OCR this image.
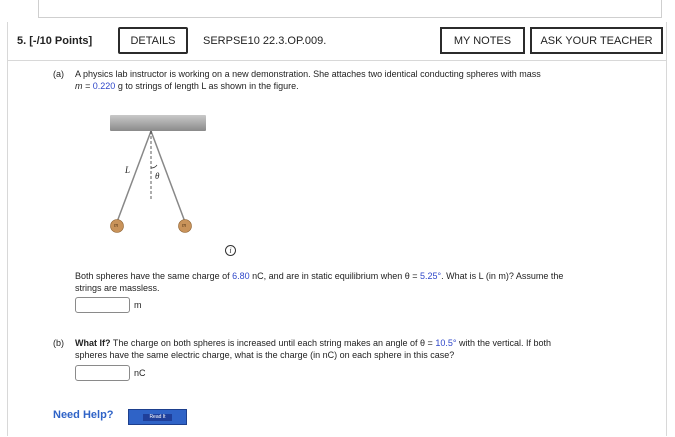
5. [-/10 Points]	DETAILS	SERPSE10 22.3.OP.009.	MY NOTES	ASK YOUR TEACHER
(a) A physics lab instructor is working on a new demonstration. She attaches two identical conducting spheres with mass
m = 0.220 g to strings of length L as shown in the figure.
L
θ
m	m
i
Both spheres have the same charge of 6.80 nC, and are in static equilibrium when θ = 5.25°. What is L (in m)? Assume the
strings are massless.
m
(b) What If? The charge on both spheres is increased until each string makes an angle of θ = 10.5° with the vertical. If both
spheres have the same electric charge, what is the charge (in nC) on each sphere in this case?
nC
Need Help?	Read It
